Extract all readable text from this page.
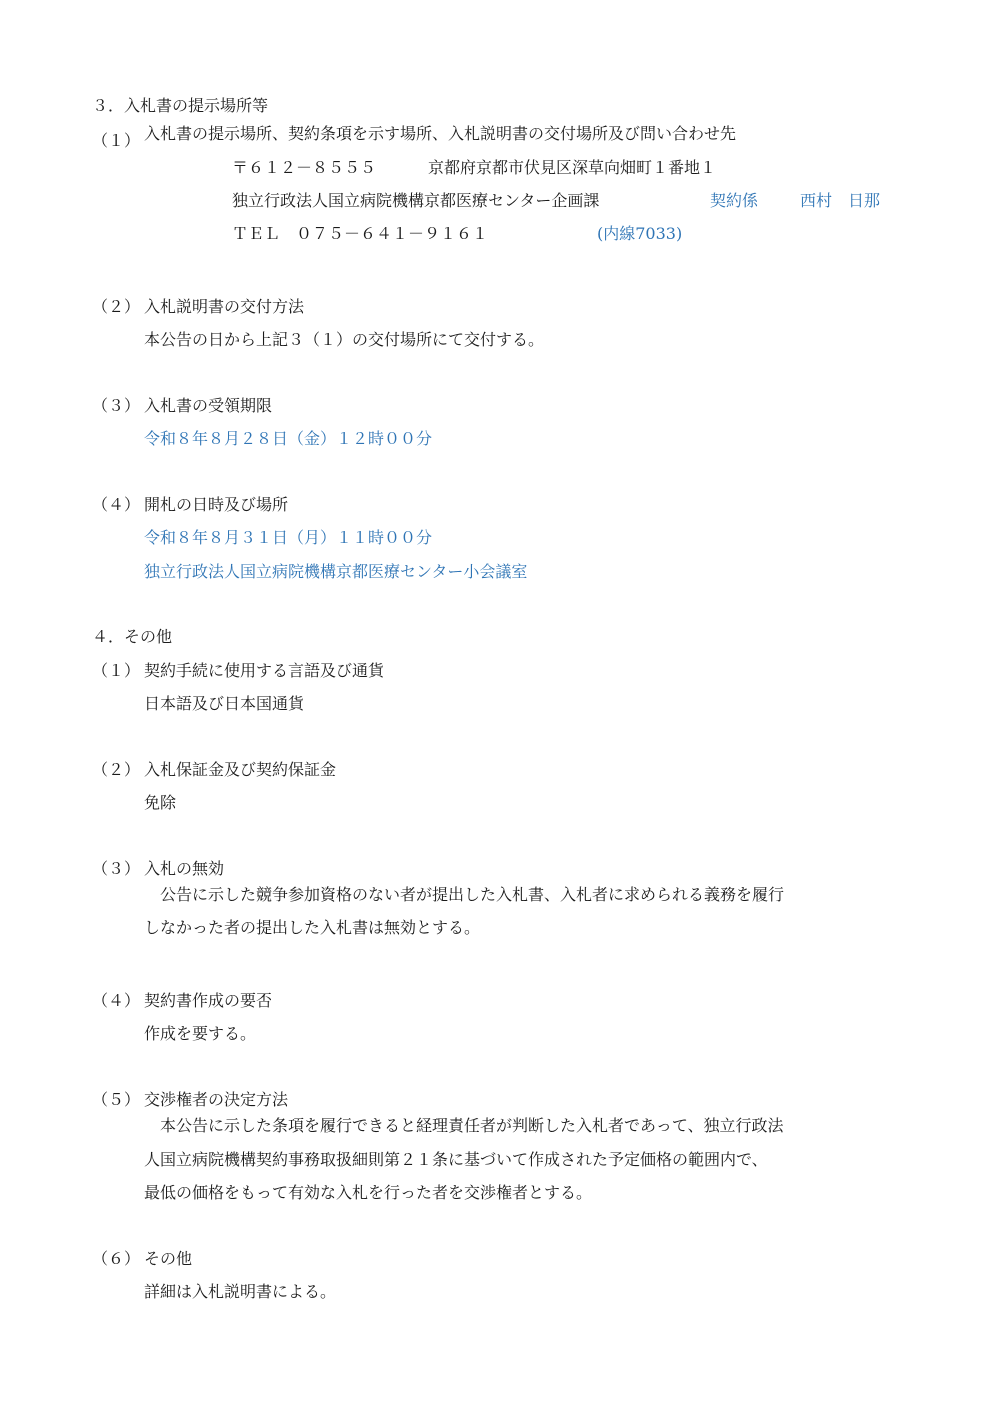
３．入札書の提示場所等
（１） 入札書の提示場所、契約条項を示す場所、入札説明書の交付場所及び問い合わせ先
〒６１２－８５５５	京都府京都市伏見区深草向畑町１番地１
独立行政法人国立病院機構京都医療センター企画課	契約係	西村　日那
ＴＥＬ　０７５－６４１－９１６１	(内線7033)
（２） 入札説明書の交付方法
本公告の日から上記３（１）の交付場所にて交付する。
（３） 入札書の受領期限
令和８年８月２８日（金）１２時００分
（４） 開札の日時及び場所
令和８年８月３１日（月）１１時００分
独立行政法人国立病院機構京都医療センター小会議室
４．その他
（１） 契約手続に使用する言語及び通貨
日本語及び日本国通貨
（２） 入札保証金及び契約保証金
免除
（３） 入札の無効
公告に示した競争参加資格のない者が提出した入札書、入札者に求められる義務を履行
しなかった者の提出した入札書は無効とする。
（４） 契約書作成の要否
作成を要する。
（５） 交渉権者の決定方法
本公告に示した条項を履行できると経理責任者が判断した入札者であって、独立行政法
人国立病院機構契約事務取扱細則第２１条に基づいて作成された予定価格の範囲内で、
最低の価格をもって有効な入札を行った者を交渉権者とする。
（６） その他
詳細は入札説明書による。
